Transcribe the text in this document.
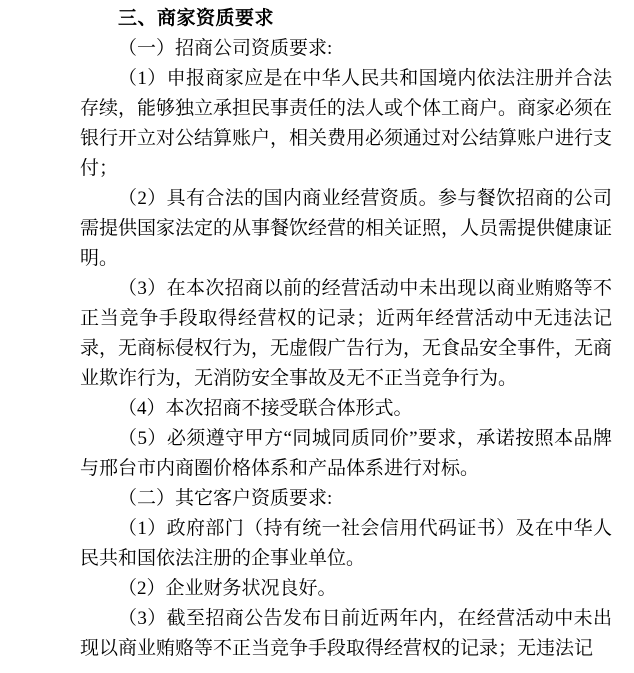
三、商家资质要求

（一）招商公司资质要求:

（1）申报商家应是在中华人民共和国境内依法注册并合法存续，能够独立承担民事责任的法人或个体工商户。商家必须在银行开立对公结算账户，相关费用必须通过对公结算账户进行支付；

（2）具有合法的国内商业经营资质。参与餐饮招商的公司需提供国家法定的从事餐饮经营的相关证照，人员需提供健康证明。

（3）在本次招商以前的经营活动中未出现以商业贿赂等不正当竞争手段取得经营权的记录；近两年经营活动中无违法记录，无商标侵权行为，无虚假广告行为，无食品安全事件，无商业欺诈行为，无消防安全事故及无不正当竞争行为。

（4）本次招商不接受联合体形式。

（5）必须遵守甲方“同城同质同价”要求，承诺按照本品牌与邢台市内商圈价格体系和产品体系进行对标。

（二）其它客户资质要求:

（1）政府部门（持有统一社会信用代码证书）及在中华人民共和国依法注册的企事业单位。

（2）企业财务状况良好。

（3）截至招商公告发布日前近两年内，在经营活动中未出现以商业贿赂等不正当竞争手段取得经营权的记录；无违法记
